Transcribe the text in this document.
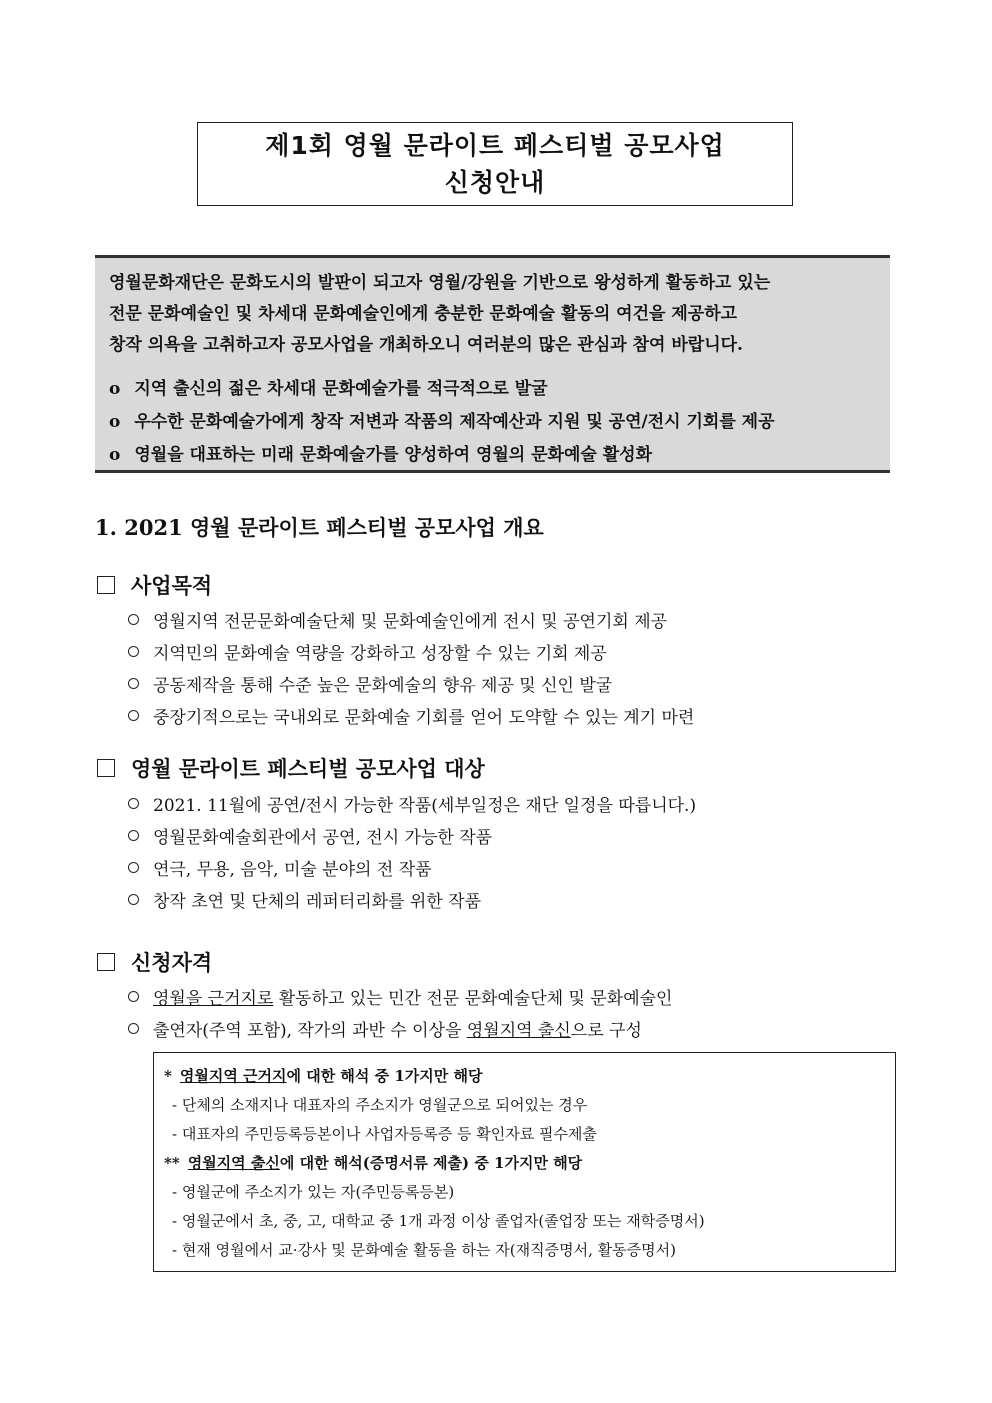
제1회 영월 문라이트 페스티벌 공모사업
신청안내
영월문화재단은 문화도시의 발판이 되고자 영월/강원을 기반으로 왕성하게 활동하고 있는
전문 문화예술인 및 차세대 문화예술인에게 충분한 문화예술 활동의 여건을 제공하고
창작 의욕을 고취하고자 공모사업을 개최하오니 여러분의 많은 관심과 참여 바랍니다.
o 지역 출신의 젊은 차세대 문화예술가를 적극적으로 발굴
o 우수한 문화예술가에게 창작 저변과 작품의 제작예산과 지원 및 공연/전시 기회를 제공
o 영월을 대표하는 미래 문화예술가를 양성하여 영월의 문화예술 활성화
1. 2021 영월 문라이트 페스티벌 공모사업 개요
사업목적
영월지역 전문문화예술단체 및 문화예술인에게 전시 및 공연기회 제공
지역민의 문화예술 역량을 강화하고 성장할 수 있는 기회 제공
공동제작을 통해 수준 높은 문화예술의 향유 제공 및 신인 발굴
중장기적으로는 국내외로 문화예술 기회를 얻어 도약할 수 있는 계기 마련
영월 문라이트 페스티벌 공모사업 대상
2021. 11월에 공연/전시 가능한 작품(세부일정은 재단 일정을 따릅니다.)
영월문화예술회관에서 공연, 전시 가능한 작품
연극, 무용, 음악, 미술 분야의 전 작품
창작 초연 및 단체의 레퍼터리화를 위한 작품
신청자격
영월을 근거지로 활동하고 있는 민간 전문 문화예술단체 및 문화예술인
출연자(주역 포함), 작가의 과반 수 이상을 영월지역 출신으로 구성
* 영월지역 근거지에 대한 해석 중 1가지만 해당
- 단체의 소재지나 대표자의 주소지가 영월군으로 되어있는 경우
- 대표자의 주민등록등본이나 사업자등록증 등 확인자료 필수제출
** 영월지역 출신에 대한 해석(증명서류 제출) 중 1가지만 해당
- 영월군에 주소지가 있는 자(주민등록등본)
- 영월군에서 초, 중, 고, 대학교 중 1개 과정 이상 졸업자(졸업장 또는 재학증명서)
- 현재 영월에서 교·강사 및 문화예술 활동을 하는 자(재직증명서, 활동증명서)
